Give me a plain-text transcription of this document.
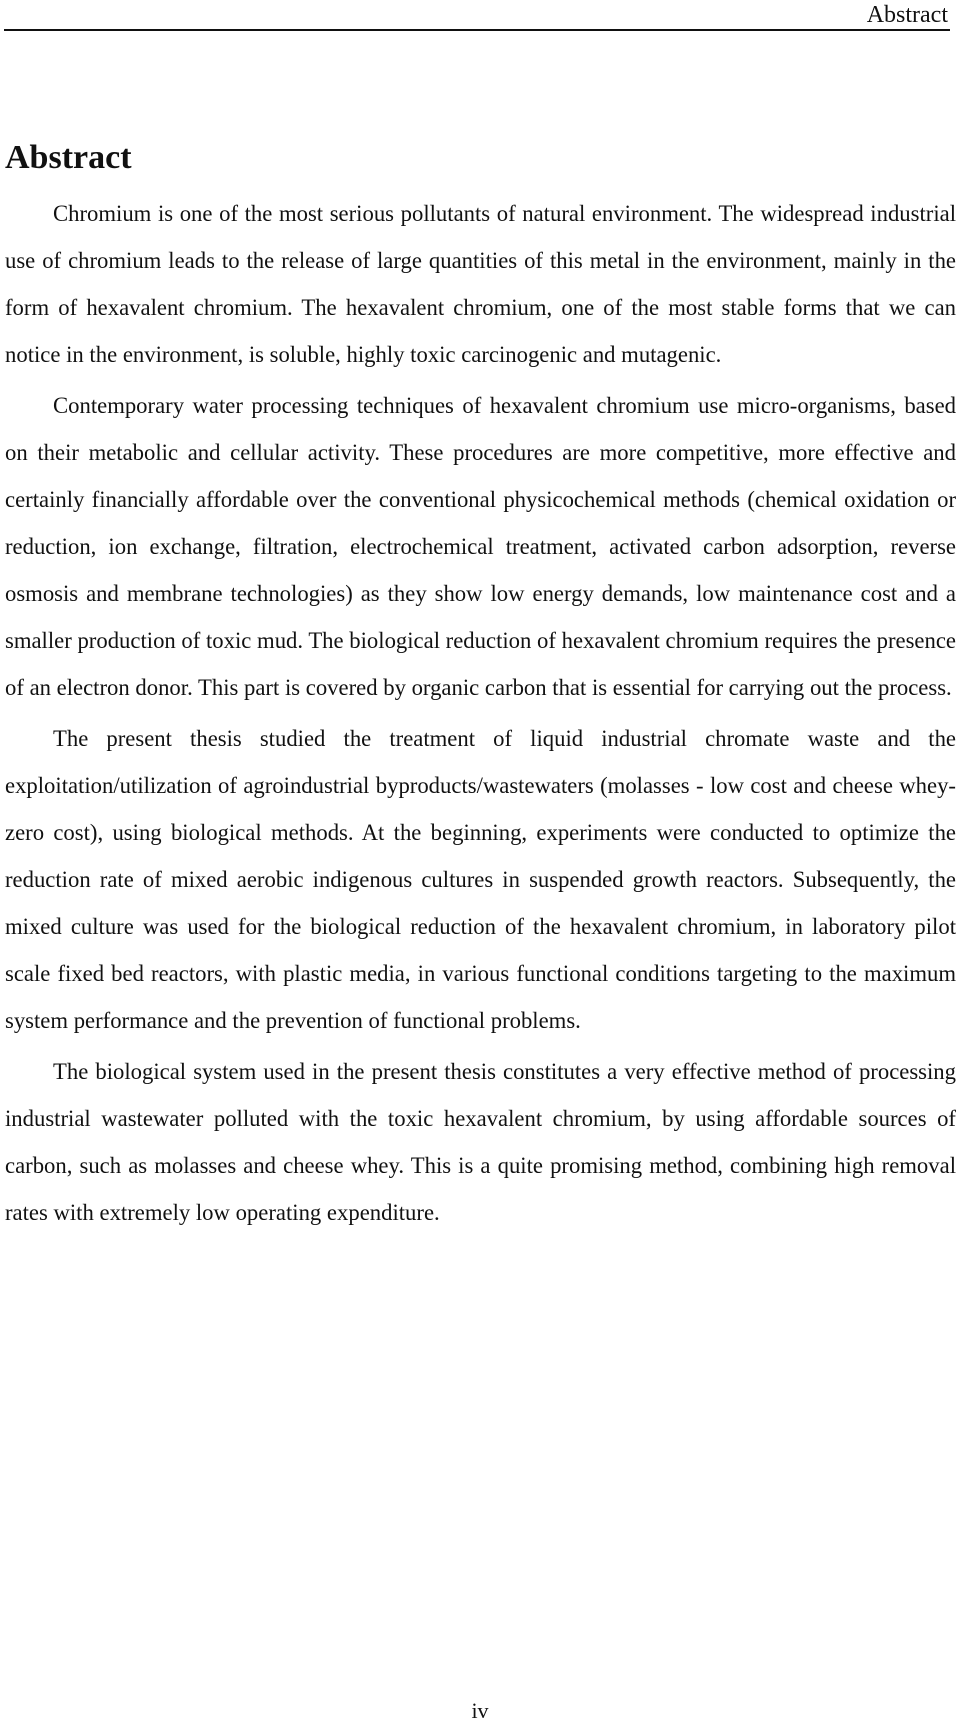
Abstract
Abstract

Chromium is one of the most serious pollutants of natural environment. The widespread industrial use of chromium leads to the release of large quantities of this metal in the environment, mainly in the form of hexavalent chromium. The hexavalent chromium, one of the most stable forms that we can notice in the environment, is soluble, highly toxic carcinogenic and mutagenic.

Contemporary water processing techniques of hexavalent chromium use micro-organisms, based on their metabolic and cellular activity. These procedures are more competitive, more effective and certainly financially affordable over the conventional physicochemical methods (chemical oxidation or reduction, ion exchange, filtration, electrochemical treatment, activated carbon adsorption, reverse osmosis and membrane technologies) as they show low energy demands, low maintenance cost and a smaller production of toxic mud. The biological reduction of hexavalent chromium requires the presence of an electron donor. This part is covered by organic carbon that is essential for carrying out the process.

The present thesis studied the treatment of liquid industrial chromate waste and the exploitation/utilization of agroindustrial byproducts/wastewaters (molasses - low cost and cheese whey- zero cost), using biological methods. At the beginning, experiments were conducted to optimize the reduction rate of mixed aerobic indigenous cultures in suspended growth reactors. Subsequently, the mixed culture was used for the biological reduction of the hexavalent chromium, in laboratory pilot scale fixed bed reactors, with plastic media, in various functional conditions targeting to the maximum system performance and the prevention of functional problems.

The biological system used in the present thesis constitutes a very effective method of processing industrial wastewater polluted with the toxic hexavalent chromium, by using affordable sources of carbon, such as molasses and cheese whey. This is a quite promising method, combining high removal rates with extremely low operating expenditure.

iv
